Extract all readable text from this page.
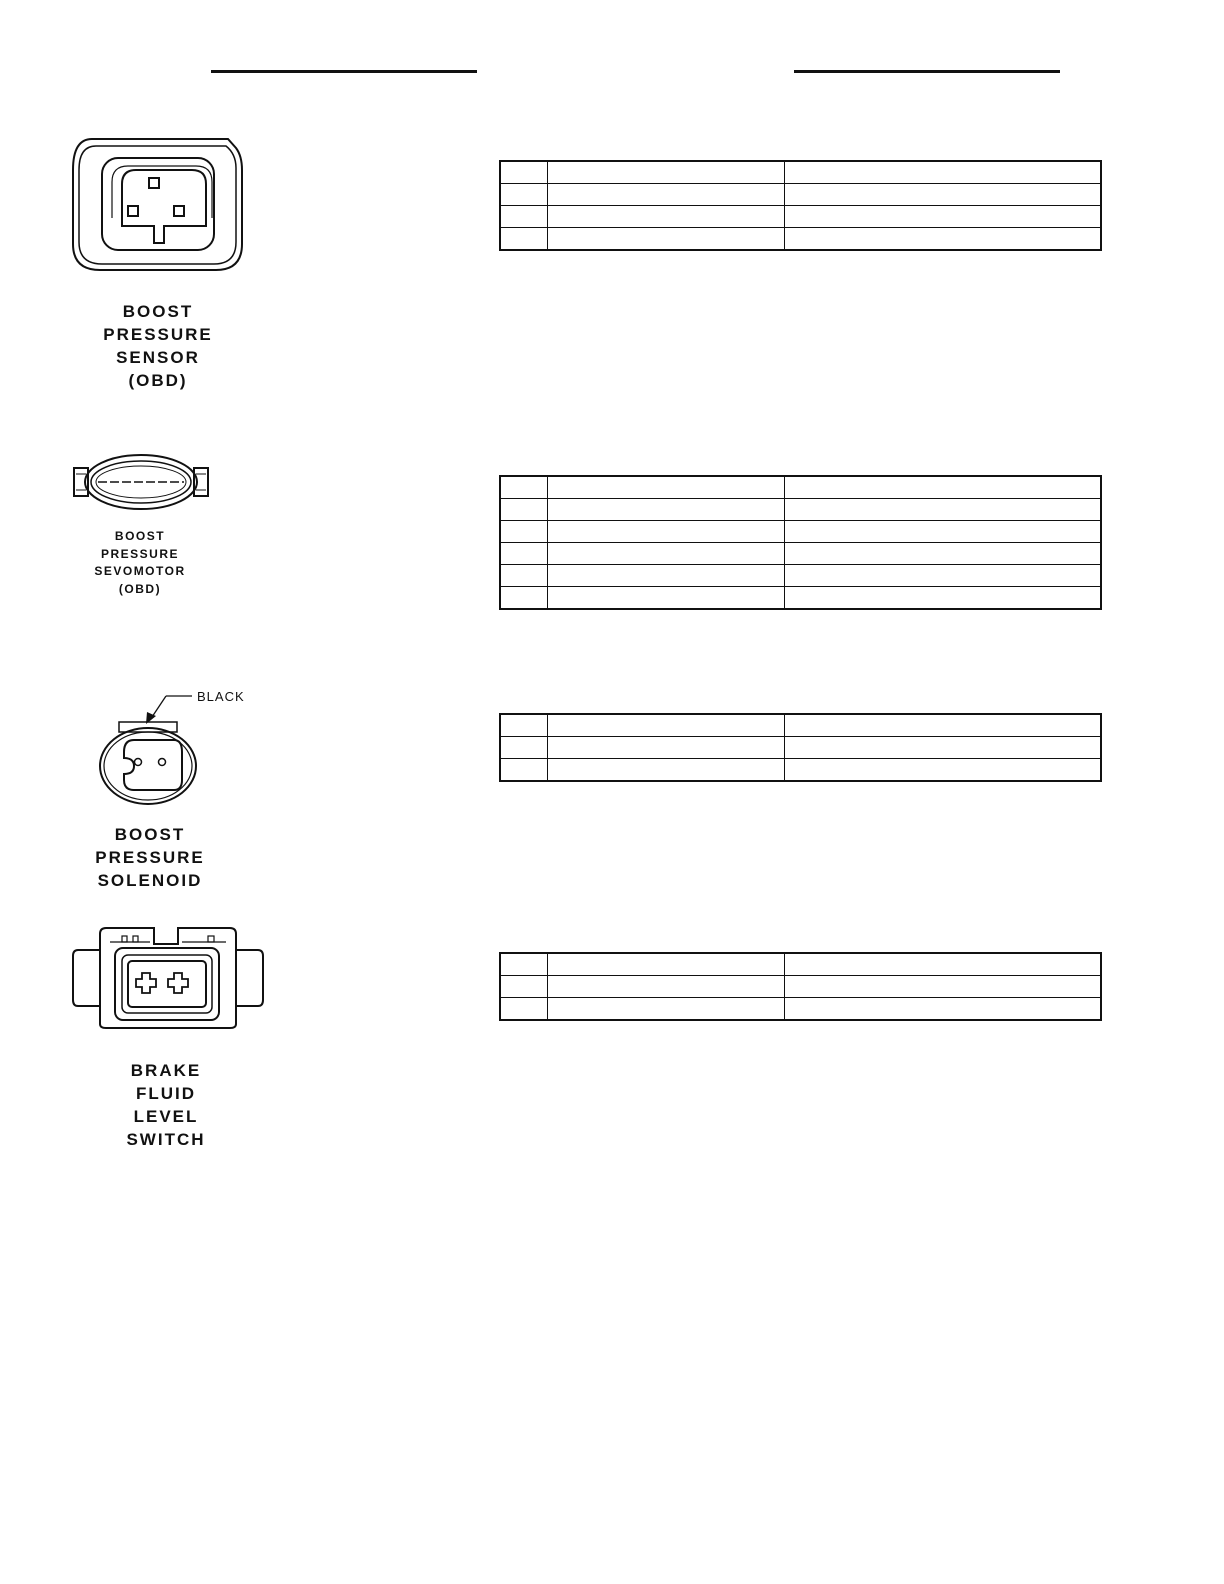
BOOST
PRESSURE
SENSOR
(OBD)

BOOST
PRESSURE
SEVOMOTOR
(OBD)

BLACK
BOOST PRESSURE
SOLENOID

BRAKE
FLUID
LEVEL
SWITCH
